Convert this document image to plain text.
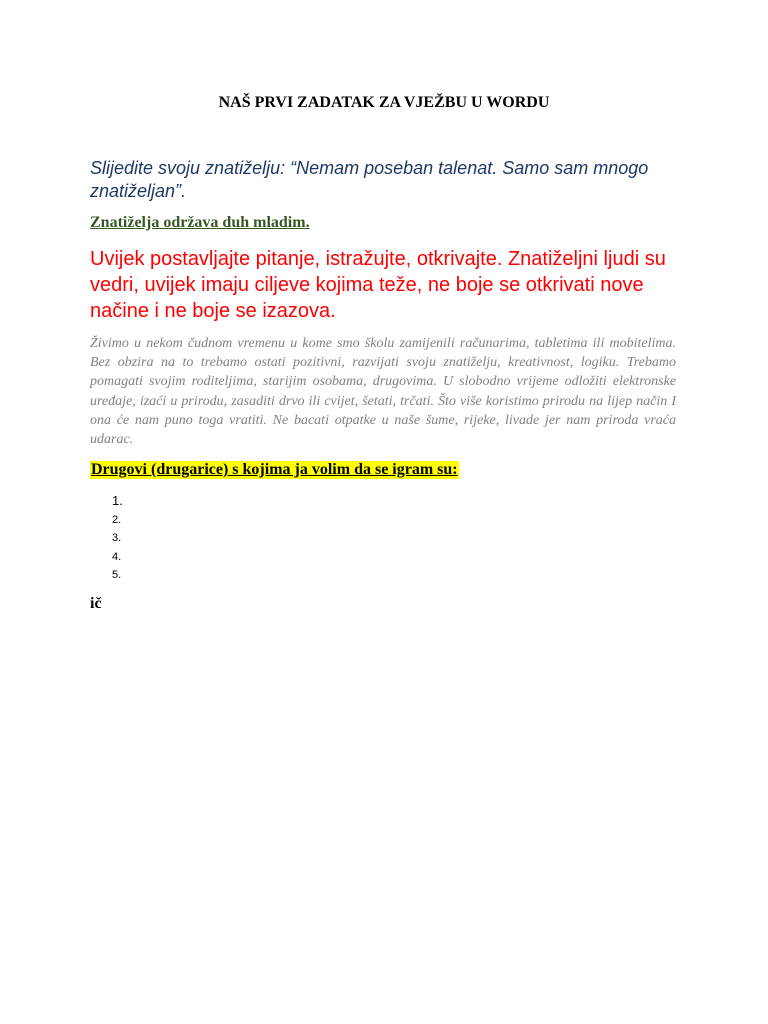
NAŠ PRVI ZADATAK ZA VJEŽBU U WORDU

Slijedite svoju znatiželju: “Nemam poseban talenat. Samo sam mnogo znatiželjan”.

Znatiželja održava duh mladim.

Uvijek postavljajte pitanje, istražujte, otkrivajte. Znatiželjni ljudi su vedri, uvijek imaju ciljeve kojima teže, ne boje se otkrivati nove načine i ne boje se izazova.

Živimo u nekom čudnom vremenu u kome smo školu zamijenili računarima, tabletima ili mobitelima. Bez obzira na to trebamo ostati pozitivni, razvijati svoju znatiželju, kreativnost, logiku. Trebamo pomagati svojim roditeljima, starijim osobama, drugovima. U slobodno vrijeme odložiti elektronske uređaje, izaći u prirodu, zasaditi drvo ili cvijet, šetati, trčati. Što više koristimo prirodu na lijep način I ona će nam puno toga vratiti. Ne bacati otpatke u naše šume, rijeke, livade jer nam priroda vraća udarac.

Drugovi (drugarice) s kojima ja volim da se igram su:

1.
2.
3.
4.
5.

ič
